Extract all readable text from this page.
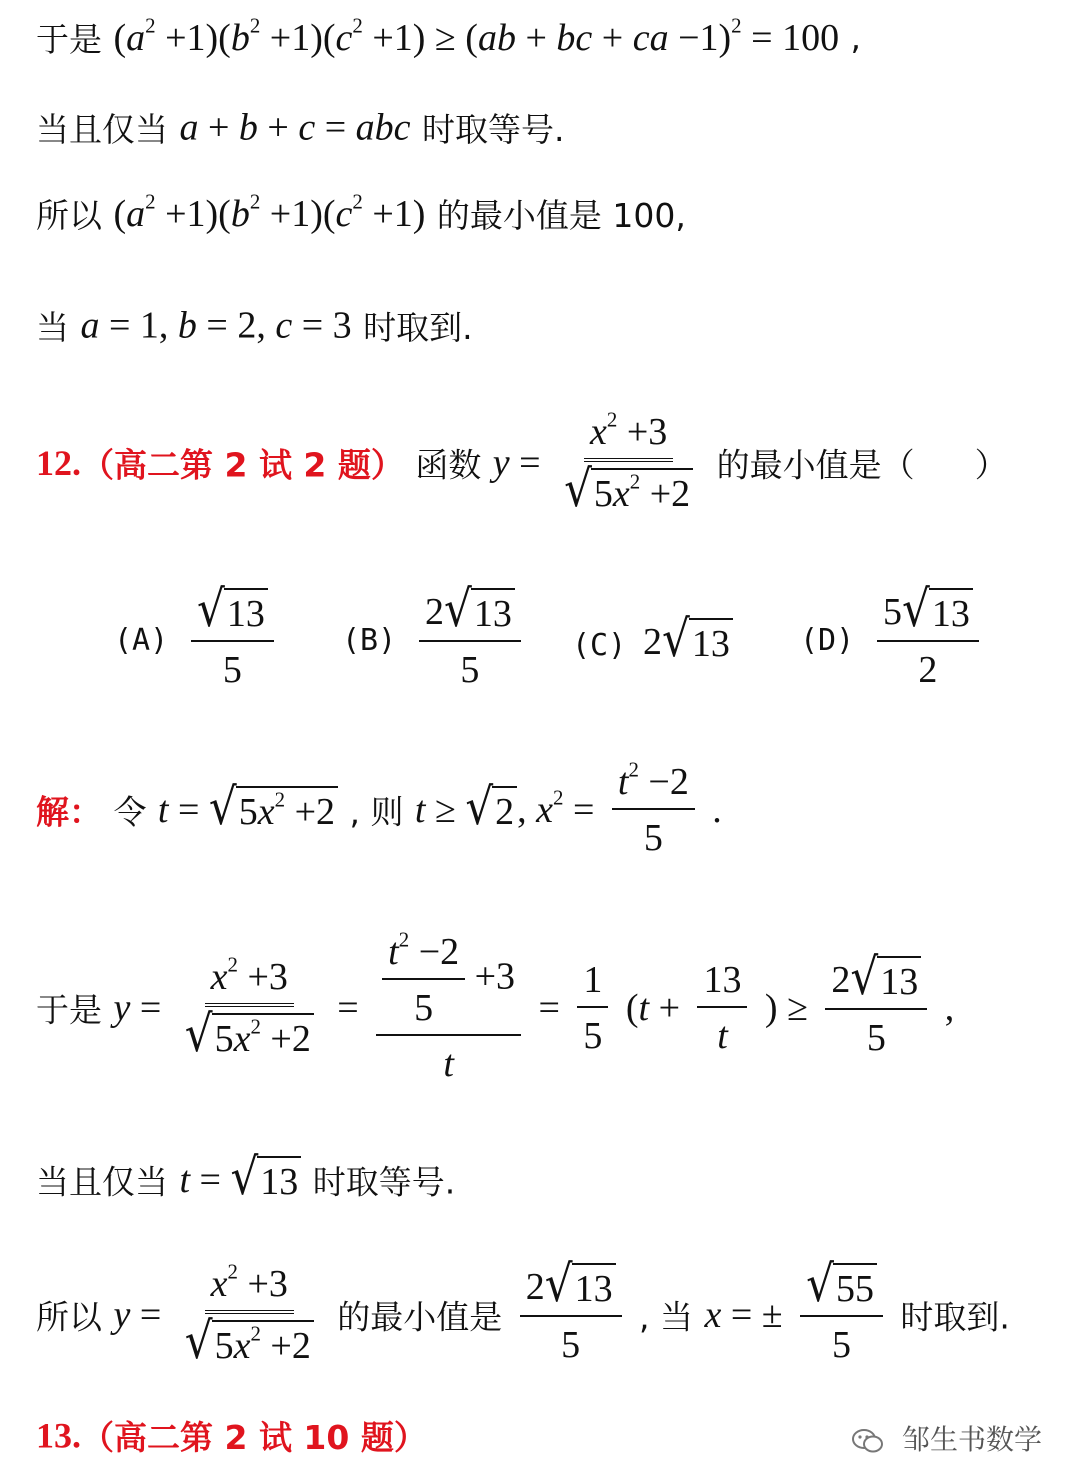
于是 $(a^2 +1)(b^2 +1)(c^2 +1) \ge (ab$ + bc + ca −1)$^2$ = 100 ,
当且仅当 a + b + c = abc 时取等号.
所以 $(a^2 +1)(b^2 +1)(c^2 +1)$ 的最小值是 100,
当 a = 1, b = 2, c = 3 时取到.
12.（高二第 2 试 2 题） 函数 $y = \frac{x^2 +3}{√ 5x^2 +2}$ 的最小值是（ ）
$(A) \frac{√ 13}{5} (B) \frac{2 √ 13}{5} (C)$ 2 √ 13 $(D) \frac{5 √ 13}{2}$
解： 令 t = √ $5x^2 +2$ , 则 t ≥ √ 2 , $x^2 = \frac{t^2 -2}{5}$ .
于是 $y = \frac{x^2 +3}{√ 5x^2 +2} = \frac{\frac{t^2 -2}{5} +3}{t} = \frac{1}{5} (t + \frac{13}{t}$ ) ≥ $\frac{2 √ 13}{5}$ ,
当且仅当 t = √ 13 时取等号.
所以 $y = \frac{x^2 +3}{√ 5x^2 +2}$ 的最小值是 $\frac{2 √ 13}{5}$ , 当 x = ± $\frac{√ 55}{5}$ 时取到.
13.（高二第 2 试 10 题）	邹生书数学
